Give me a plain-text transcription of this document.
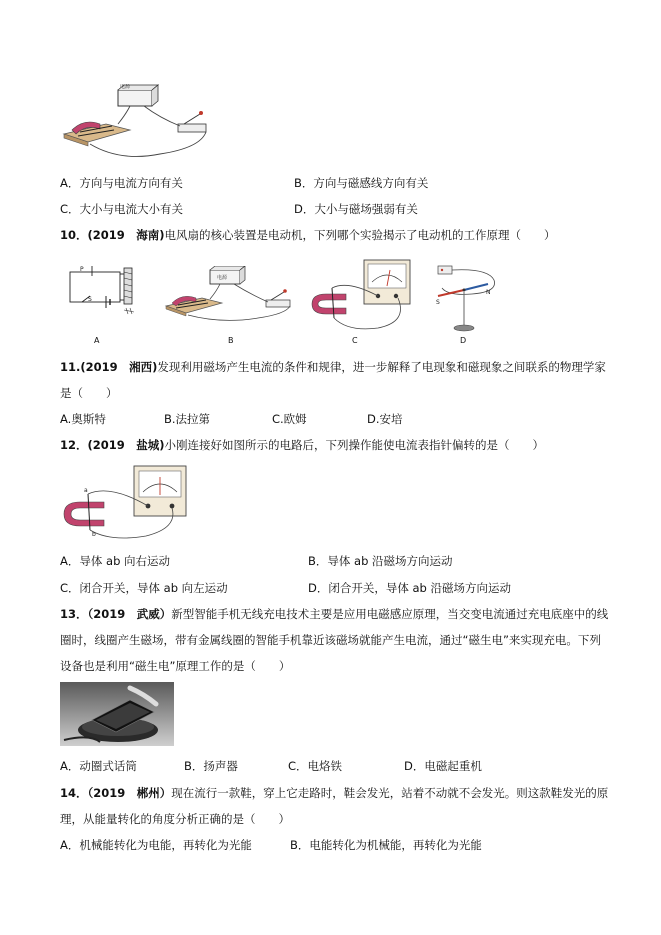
电源
A．方向与电流方向有关	B．方向与磁感线方向有关
C．大小与电流大小有关	D．大小与磁场强弱有关
10．(2019　海南)电风扇的核心装置是电动机，下列哪个实验揭示了电动机的工作原理（　　）
P
S
A
电源
B	C
S
N
D
11.(2019　湘西)发现利用磁场产生电流的条件和规律，进一步解释了电现象和磁现象之间联系的物理学家
是（　　）
A.奥斯特	B.法拉第	C.欧姆	D.安培
12．(2019　盐城)小刚连接好如图所示的电路后，下列操作能使电流表指针偏转的是（　　）
a
b
A．导体 ab 向右运动	B．导体 ab 沿磁场方向运动
C．闭合开关，导体 ab 向左运动	D．闭合开关，导体 ab 沿磁场方向运动
13．（2019　武威）新型智能手机无线充电技术主要是应用电磁感应原理，当交变电流通过充电底座中的线
圈时，线圈产生磁场，带有金属线圈的智能手机靠近该磁场就能产生电流，通过“磁生电”来实现充电。下列
设备也是利用“磁生电”原理工作的是（　　）
A．动圈式话筒	B．扬声器	C．电烙铁	D．电磁起重机
14．（2019　郴州）现在流行一款鞋，穿上它走路时，鞋会发光，站着不动就不会发光。则这款鞋发光的原
理，从能量转化的角度分析正确的是（　　）
A．机械能转化为电能，再转化为光能	B．电能转化为机械能，再转化为光能
